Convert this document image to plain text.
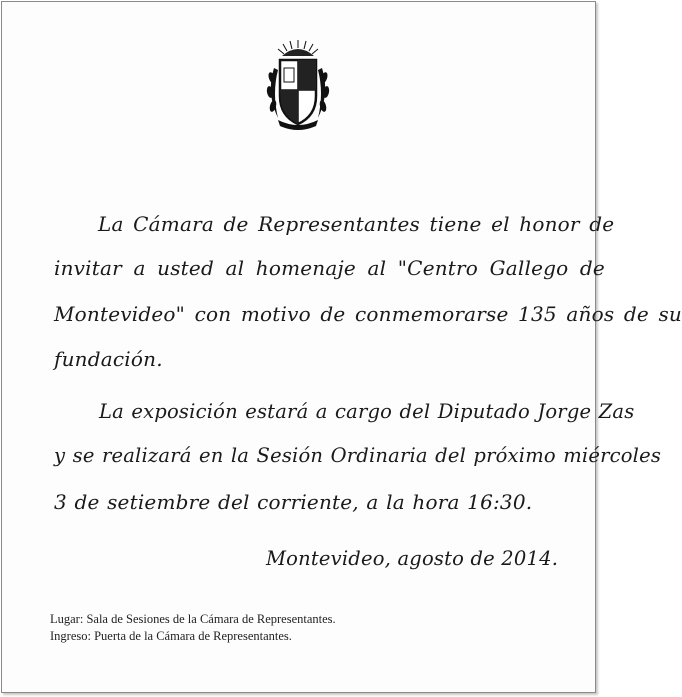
La Cámara de Representantes tiene el honor de
invitar a usted al homenaje al "Centro Gallego de
Montevideo" con motivo de conmemorarse 135 años de su
fundación.
La exposición estará a cargo del Diputado Jorge Zas
y se realizará en la Sesión Ordinaria del próximo miércoles
3 de setiembre del corriente, a la hora 16:30.
Montevideo, agosto de 2014.
Lugar: Sala de Sesiones de la Cámara de Representantes.
Ingreso: Puerta de la Cámara de Representantes.
